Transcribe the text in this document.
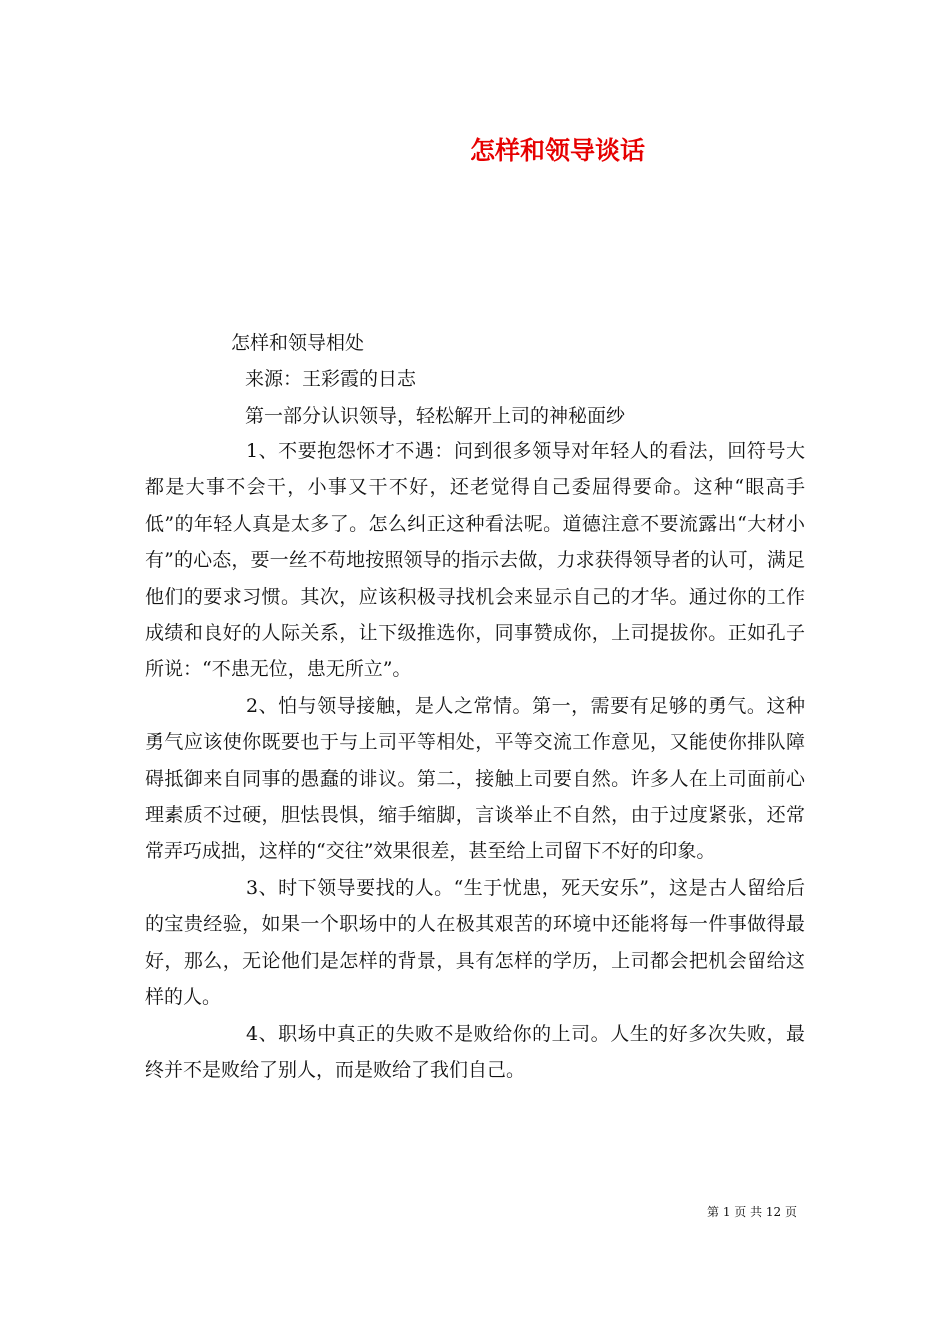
怎样和领导谈话
怎样和领导相处
来源：王彩霞的日志
第一部分认识领导，轻松解开上司的神秘面纱

1、不要抱怨怀才不遇：问到很多领导对年轻人的看法，回符号大都是大事不会干，小事又干不好，还老觉得自己委屈得要命。这种“眼高手低”的年轻人真是太多了。怎么纠正这种看法呢。道德注意不要流露出“大材小有”的心态，要一丝不苟地按照领导的指示去做，力求获得领导者的认可，满足他们的要求习惯。其次，应该积极寻找机会来显示自己的才华。通过你的工作成绩和良好的人际关系，让下级推选你，同事赞成你，上司提拔你。正如孔子所说：“不患无位，患无所立”。

2、怕与领导接触，是人之常情。第一，需要有足够的勇气。这种勇气应该使你既要也于与上司平等相处，平等交流工作意见，又能使你排队障碍抵御来自同事的愚蠢的诽议。第二，接触上司要自然。许多人在上司面前心理素质不过硬，胆怯畏惧，缩手缩脚，言谈举止不自然，由于过度紧张，还常常弄巧成拙，这样的“交往”效果很差，甚至给上司留下不好的印象。

3、时下领导要找的人。“生于忧患，死天安乐”，这是古人留给后的宝贵经验，如果一个职场中的人在极其艰苦的环境中还能将每一件事做得最好，那么，无论他们是怎样的背景，具有怎样的学历，上司都会把机会留给这样的人。

4、职场中真正的失败不是败给你的上司。人生的好多次失败，最终并不是败给了别人，而是败给了我们自己。

第 1 页 共 12 页
